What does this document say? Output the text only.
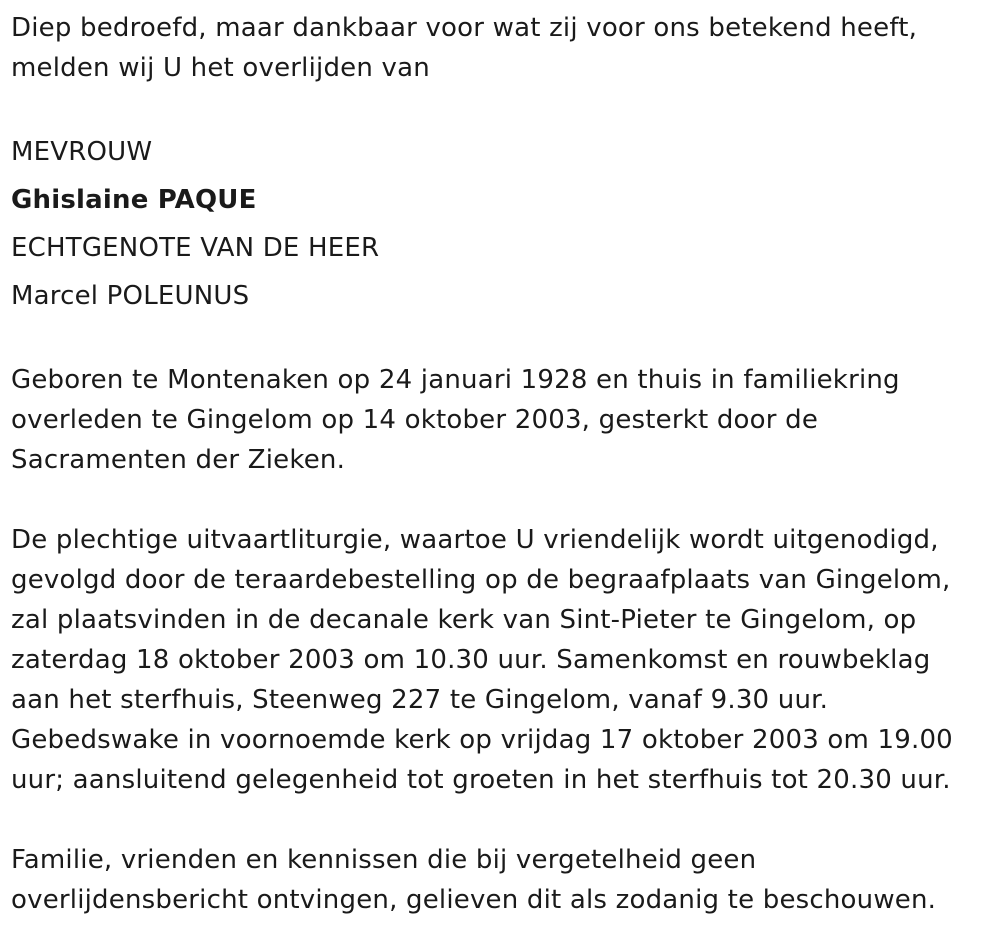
Diep bedroefd, maar dankbaar voor wat zij voor ons betekend heeft,

melden wij U het overlijden van

MEVROUW

Ghislaine PAQUE

ECHTGENOTE VAN DE HEER

Marcel POLEUNUS

Geboren te Montenaken op 24 januari 1928 en thuis in familiekring

overleden te Gingelom op 14 oktober 2003, gesterkt door de

Sacramenten der Zieken.

De plechtige uitvaartliturgie, waartoe U vriendelijk wordt uitgenodigd,

gevolgd door de teraardebestelling op de begraafplaats van Gingelom,

zal plaatsvinden in de decanale kerk van Sint-Pieter te Gingelom, op

zaterdag 18 oktober 2003 om 10.30 uur. Samenkomst en rouwbeklag

aan het sterfhuis, Steenweg 227 te Gingelom, vanaf 9.30 uur.

Gebedswake in voornoemde kerk op vrijdag 17 oktober 2003 om 19.00

uur; aansluitend gelegenheid tot groeten in het sterfhuis tot 20.30 uur.

Familie, vrienden en kennissen die bij vergetelheid geen

overlijdensbericht ontvingen, gelieven dit als zodanig te beschouwen.
